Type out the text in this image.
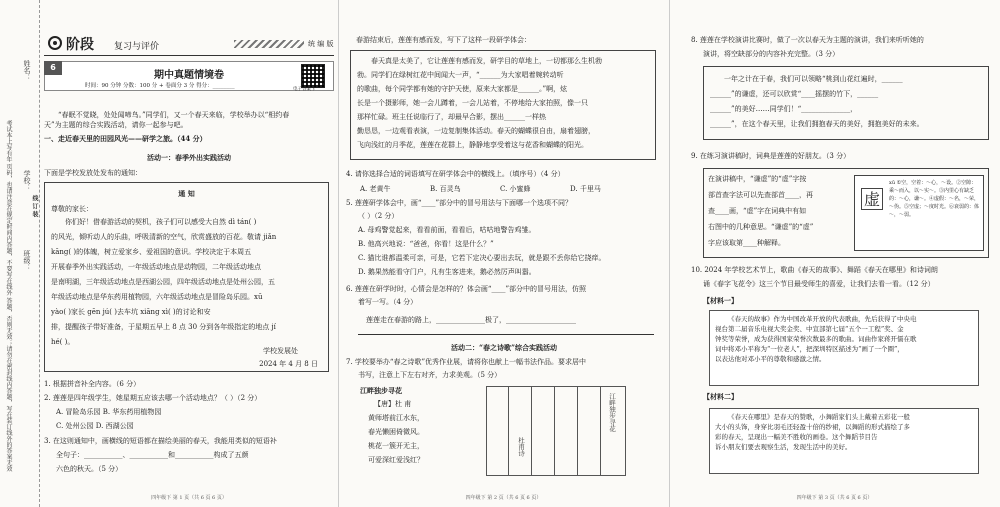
考试本上写有年 页码，也请注意在规定时间内答题，不要写在线外 答题，否则无效；请勿在密封线内答题，写在装订线外的答案无效
姓名：
学校：
班级：
线 订 装
阶段 复习与评价	统 编 版
6
期中真题情境卷
时间：90 分钟 分数：100 分 + 卷面分 3 分 得分：________
电子答案卡
“春眠不觉晓，处处闻啼鸟。”同学们，又一个春天来临，学校举办以“相约春
天”为主题的综合实践活动，请你一起参与吧。
一、走近春天里的田园风光——研学之旅。（44 分）
活动一：春季外出实践活动
下面是学校发放处发布的通知：
通 知
尊敬的家长：
你们好！借春游活动的契机，孩子们可以感受大自然 dì tán( )
的风光，倾听动人的乐曲，呼吸清新的空气，欣赏盛放的百花。敬请 jiǎn
kāng( )的体魄，树立爱家乡、爱祖国的意识。学校决定于本周五
开展春季外出实践活动，一年级活动地点是动物园，二年级活动地点
是南明湖，三年级活动地点是西湖公园，四年级活动地点是处州公园，五
年级活动地点是华东药用植物园，六年级活动地点是冒险岛乐园。xū
yào( )家长 gēn jú( )去车坑 xiāng xì( )的讨论和安
排，提醒孩子带好准备，于星期五早上 8 点 30 分到各年级指定的地点 jí
hé( )。
学校发展处
2024 年 4 月 8 日
1. 根据拼音补全内容。（6 分）
2. 莲莲是四年级学生，她星期五应该去哪一个活动地点？（ ）（2 分）
A. 冒险岛乐园 B. 华东药用植物园
C. 处州公园 D. 西湖公园
3. 在这则通知中，画横线的短语都在描绘美丽的春天，我能用类似的短语补
全句子：___________、___________和___________构成了五颜
六色的秋天。（5 分）
四年级下 第 1 页（共 6 页 6 页）
春游结束后，莲莲有感而发，写下了这样一段研学体会：
春天真是太美了，它让莲莲有感而发，研学目的草地上，一切都那么生机勃
勃。同学们在绿树红花中间闻大一声，“______为大家唱着婉转动听
的歌曲，每个同学都有她的守护天使，原来大家都是______。”啊，炫
长是一个摄影师，她一会儿蹲着，一会儿站着，不停地给大家拍照，像一只
那样忙碌。班主任说临行了，却最早合影，摆出______一样热
勤恳恳，一边观看表演，一边复制集体活动。春天的蝴蝶很自由，扇着翅膀，
飞向浅红的月季花，莲莲在花群上，静静地享受着这与花香和蝴蝶的阳光。
4. 请你选择合适的词语填写在研学体会中的横线上。（填序号）（4 分）
A. 老黄牛	B. 百灵鸟	C. 小蜜蜂	D. 千里马
5. 莲莲研学体会中，画“____”部分中的冒号用法与下面哪一个选项不同？
（ ）（2 分）
A. 母鸡警觉起来，看看前面，看看后，咕咕地警告鸡雏。
B. 他高兴地说：“爸爸，你看！这是什么？”
C. 猫比谁都温柔可亲，可是，它若下定决心要出去玩，就是跟不丢你给它挠痒。
D. 鹅果然能看守门户，凡有生客进来，鹅必然厉声叫嚣。
6. 莲莲在研学时时，心情会是怎样的？体会画“____”部分中的冒号用法，仿照
着写一写。（4 分）
莲莲走在春游的路上，______________极了，____________________
活动二：“春之诗歌”综合实践活动
7. 学校要举办“春之诗歌”优秀作业展，请将你也献上一幅书法作品。要求居中
书写，注意上下左右对齐，力求美观。（5 分）
江畔独步寻花
【唐】杜 甫
黄师塔前江水东，
春光懒困倚微风。
桃花一簇开无主，
可爱深红爱浅红？
江畔独步寻花
杜甫诗
四年级下 第 2 页（共 6 页 6 页）
8. 莲莲在学校演讲比赛时，做了一次以春天为主题的演讲，我们来听听她的
演讲，将空缺部分的内容补充完整。（3 分）
一年之计在于春，我们可以领略“桃到山花红遍时，______
______”的谦虚，还可以欣赏“____摇摆的竹下，______
______”的美好……同学们！“______________，
______”，在这个春天里，让我们拥抱春天的美好，拥抱美好的未来。
9. 在练习演讲稿时，词典是莲莲的好朋友。（3 分）
在演讲稿中，“谦虚”的“虚”字按
部首查字法可以先查部首____，再
查____画，“虚”字在词典中有如
右图中的几种意思。“谦虚”的“虚”
字应该取第____种解释。
虚
xū ①空，空着：～心，～设。②空隙：乘～而入，以～实～。③内里心有缺乏的：～心，谦～。④虚假：～名，～荣，～伪。⑤空虚；～度时光。⑥衰弱的：体～，～弱。
10. 2024 年学校艺术节上，歌曲《春天的故事》、舞蹈《春天在哪里》和诗词朗
诵《春字飞花令》这三个节目最受师生的喜爱，让我们去看一看。（12 分）
【材料一】
《春天的故事》作为中国改革开放的代表歌曲，先后获得了中央电
视台第二届音乐电视大奖金奖、中宣部第七届“五个一工程”奖、金
钟奖等荣誉，成为获得国家荣誉次数最多的歌曲。词曲作家蒋开儒在歌
词中将邓小平称为“一位老人”，把深圳特区描述为“画了一个圈”，
以表达他对邓小平的尊敬和感激之情。
【材料二】
《春天在哪里》是春天的赞歌，小舞蹈家们头上戴着五彩花一般
大小的头饰，身穿比羽毛还轻盈十倍的纱裙，以舞蹈的形式描绘了多
彩的春天，呈现出一幅美不胜收的画卷。这个舞蹈节目告
诉小朋友们要去观察生活，发现生活中的美好。
四年级下 第 3 页（共 6 页 6 页）
